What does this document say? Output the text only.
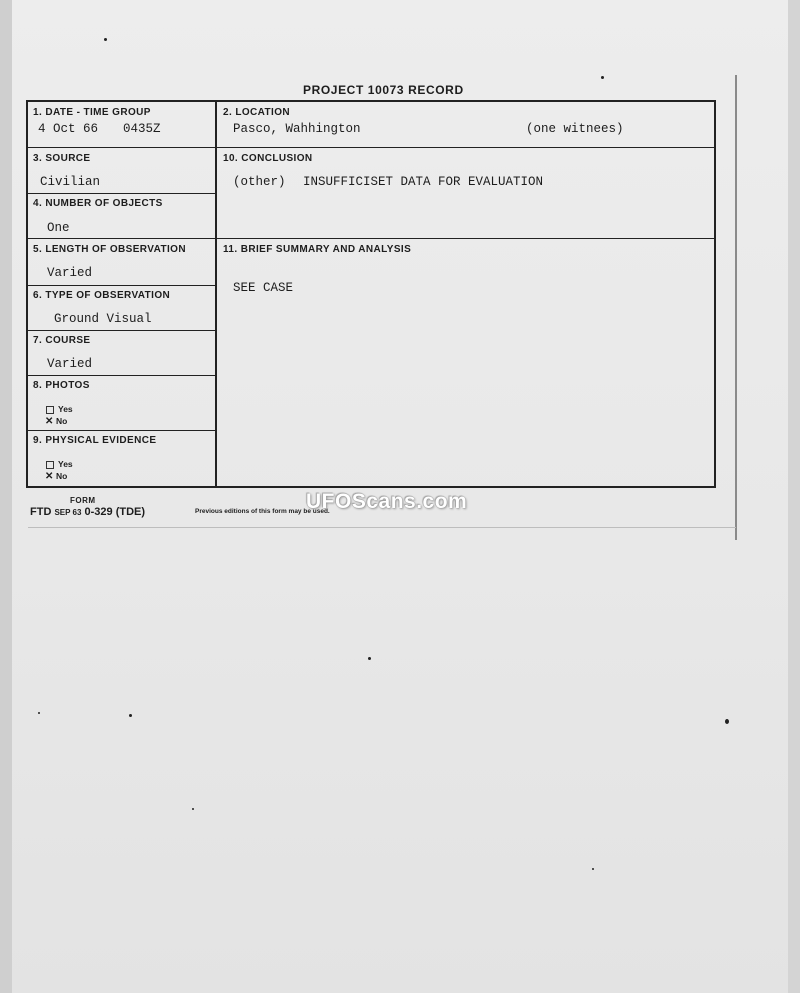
PROJECT 10073 RECORD
1. DATE - TIME GROUP
4 Oct 66 0435Z
2. LOCATION
Pasco, Wahhington	(one witnees)
3. SOURCE
Civilian
10. CONCLUSION
(other) INSUFFICISET DATA FOR EVALUATION
4. NUMBER OF OBJECTS
One
5. LENGTH OF OBSERVATION
Varied
11. BRIEF SUMMARY AND ANALYSIS
SEE CASE
6. TYPE OF OBSERVATION
Ground Visual
7. COURSE
Varied
8. PHOTOS
Yes
✕ No
9. PHYSICAL EVIDENCE
Yes
✕ No
FORM
FTD SEP 63 0-329 (TDE)	Previous editions of this form may be used.
UFOScans.com
